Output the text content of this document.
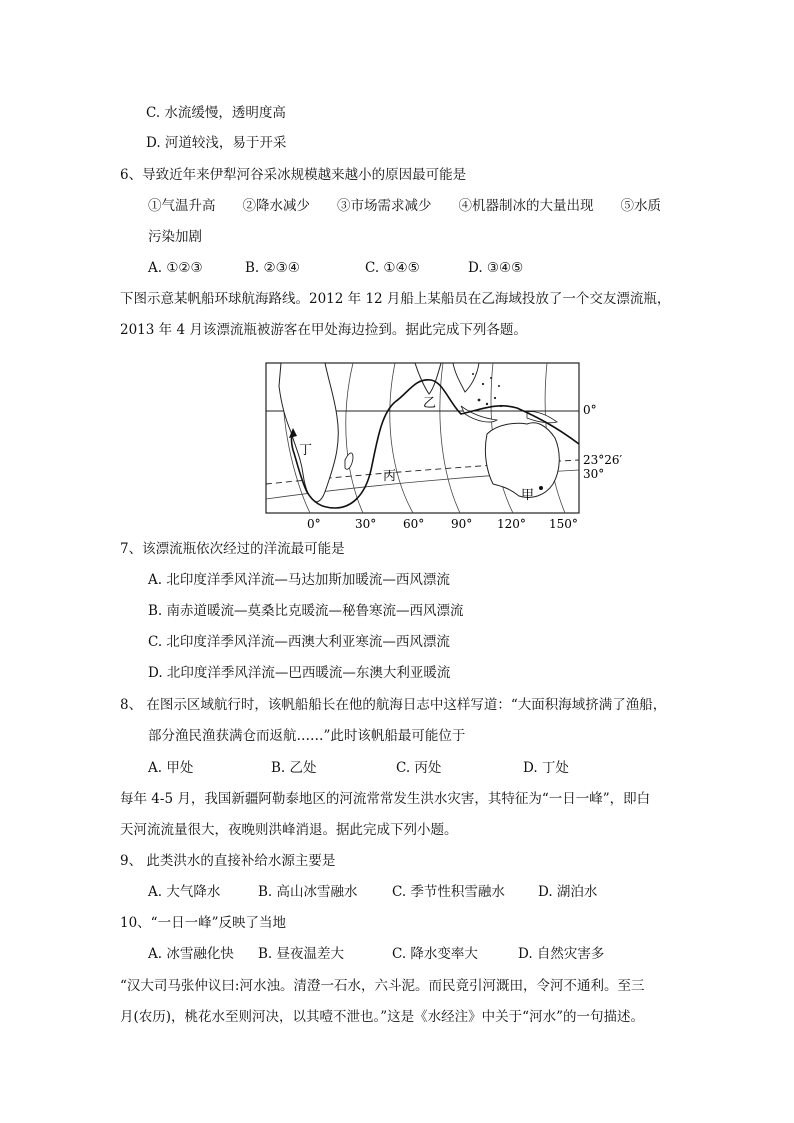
C. 水流缓慢，透明度高
D. 河道较浅，易于开采
6、导致近年来伊犁河谷采冰规模越来越小的原因最可能是
①气温升高　　②降水减少　　③市场需求减少　　④机器制冰的大量出现　　⑤水质
污染加剧
A. ①②③	B. ②③④	C. ①④⑤	D. ③④⑤
下图示意某帆船环球航海路线。2012 年 12 月船上某船员在乙海域投放了一个交友漂流瓶，
2013 年 4 月该漂流瓶被游客在甲处海边捡到。据此完成下列各题。
乙
丁
丙
甲
0°
23°26′
30°
0°	30° 60° 90° 120° 150°
7、该漂流瓶依次经过的洋流最可能是
A. 北印度洋季风洋流—马达加斯加暖流—西风漂流
B. 南赤道暖流—莫桑比克暖流—秘鲁寒流—西风漂流
C. 北印度洋季风洋流—西澳大利亚寒流—西风漂流
D. 北印度洋季风洋流—巴西暖流—东澳大利亚暖流
8、 在图示区域航行时，该帆船船长在他的航海日志中这样写道：“大面积海域挤满了渔船，
部分渔民渔获满仓而返航……”此时该帆船最可能位于
A. 甲处	B. 乙处	C. 丙处	D. 丁处
每年 4-5 月，我国新疆阿勒泰地区的河流常常发生洪水灾害，其特征为“一日一峰”，即白
天河流流量很大，夜晚则洪峰消退。据此完成下列小题。
9、 此类洪水的直接补给水源主要是
A. 大气降水	B. 高山冰雪融水	C. 季节性积雪融水 D. 湖泊水
10、“一日一峰”反映了当地
A. 冰雪融化快 B. 昼夜温差大	C. 降水变率大	D. 自然灾害多
“汉大司马张仲议曰:河水浊。清澄一石水，六斗泥。而民竟引河溉田，令河不通利。至三
月(农历)，桃花水至则河决，以其噎不泄也。”这是《水经注》中关于“河水”的一句描述。
